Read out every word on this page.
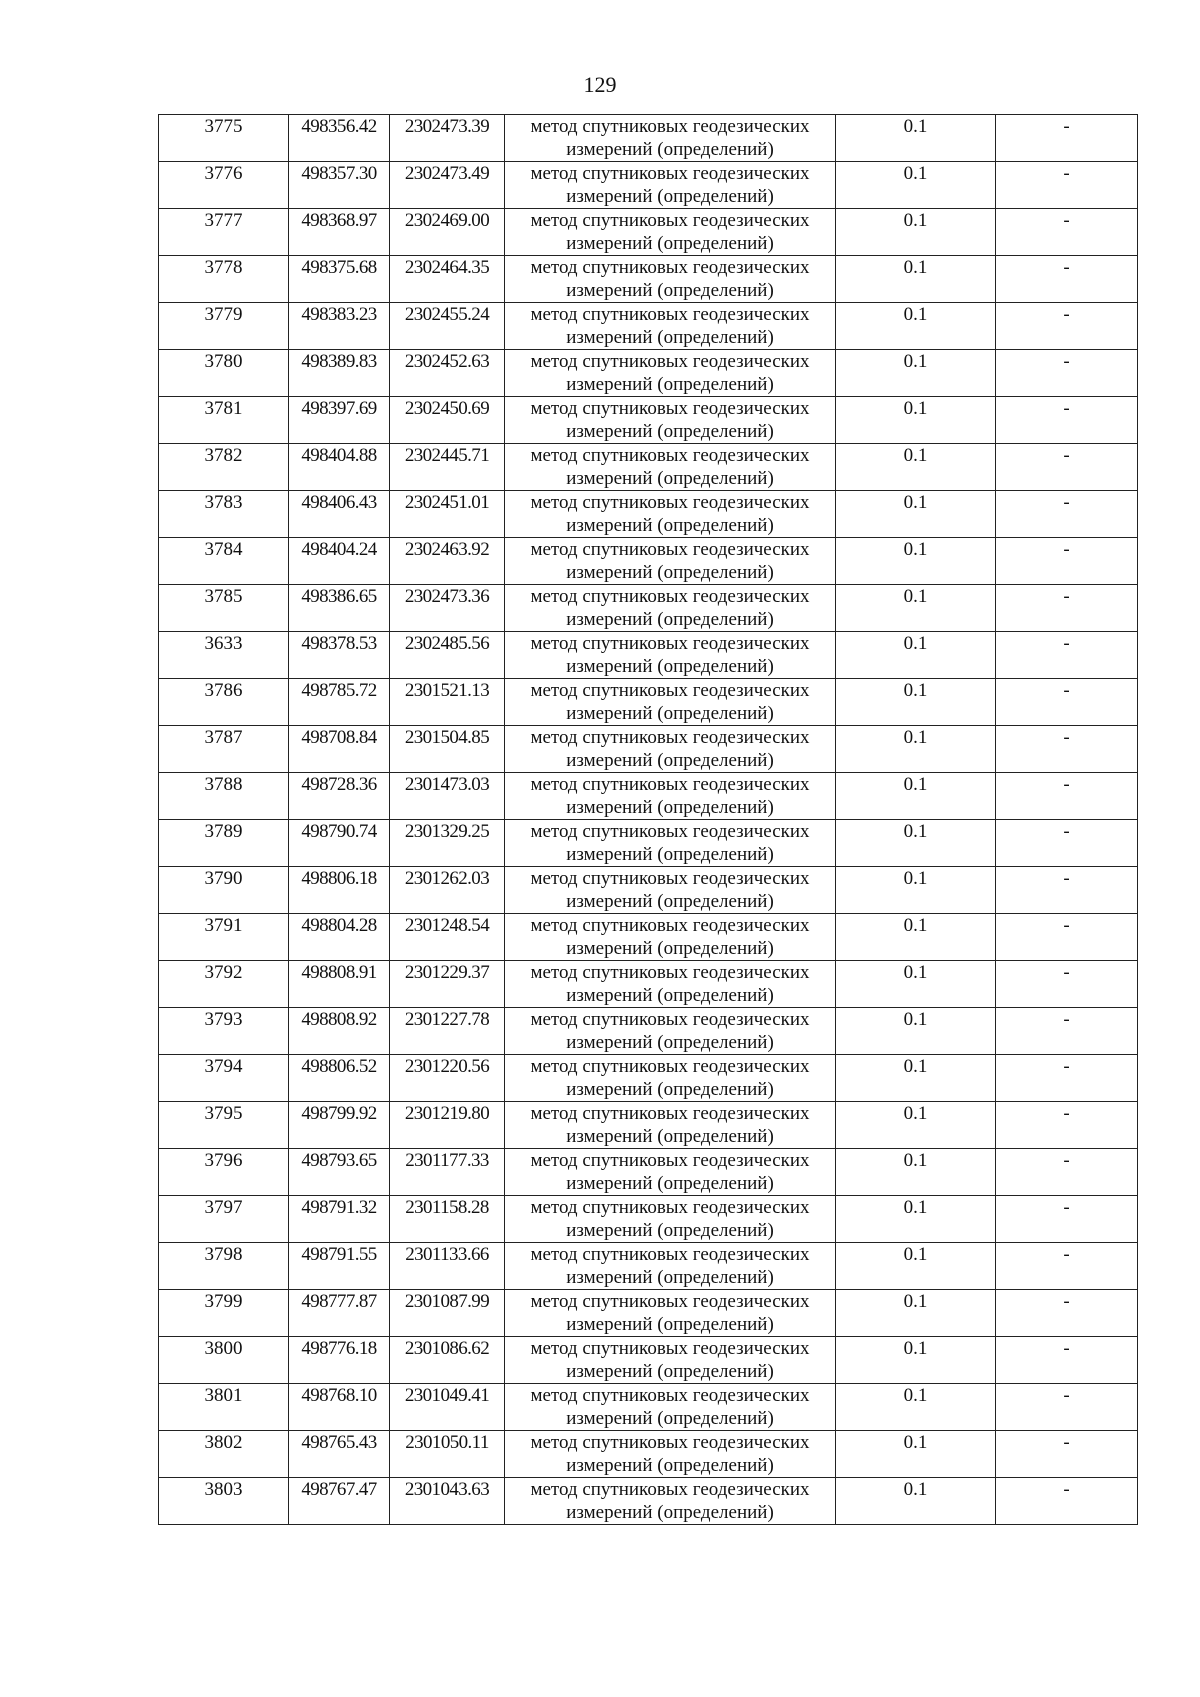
129
3775	498356.42	2302473.39	метод спутниковых геодезических
измерений (определений)	0.1	-
3776	498357.30	2302473.49	метод спутниковых геодезических
измерений (определений)	0.1	-
3777	498368.97	2302469.00	метод спутниковых геодезических
измерений (определений)	0.1	-
3778	498375.68	2302464.35	метод спутниковых геодезических
измерений (определений)	0.1	-
3779	498383.23	2302455.24	метод спутниковых геодезических
измерений (определений)	0.1	-
3780	498389.83	2302452.63	метод спутниковых геодезических
измерений (определений)	0.1	-
3781	498397.69	2302450.69	метод спутниковых геодезических
измерений (определений)	0.1	-
3782	498404.88	2302445.71	метод спутниковых геодезических
измерений (определений)	0.1	-
3783	498406.43	2302451.01	метод спутниковых геодезических
измерений (определений)	0.1	-
3784	498404.24	2302463.92	метод спутниковых геодезических
измерений (определений)	0.1	-
3785	498386.65	2302473.36	метод спутниковых геодезических
измерений (определений)	0.1	-
3633	498378.53	2302485.56	метод спутниковых геодезических
измерений (определений)	0.1	-
3786	498785.72	2301521.13	метод спутниковых геодезических
измерений (определений)	0.1	-
3787	498708.84	2301504.85	метод спутниковых геодезических
измерений (определений)	0.1	-
3788	498728.36	2301473.03	метод спутниковых геодезических
измерений (определений)	0.1	-
3789	498790.74	2301329.25	метод спутниковых геодезических
измерений (определений)	0.1	-
3790	498806.18	2301262.03	метод спутниковых геодезических
измерений (определений)	0.1	-
3791	498804.28	2301248.54	метод спутниковых геодезических
измерений (определений)	0.1	-
3792	498808.91	2301229.37	метод спутниковых геодезических
измерений (определений)	0.1	-
3793	498808.92	2301227.78	метод спутниковых геодезических
измерений (определений)	0.1	-
3794	498806.52	2301220.56	метод спутниковых геодезических
измерений (определений)	0.1	-
3795	498799.92	2301219.80	метод спутниковых геодезических
измерений (определений)	0.1	-
3796	498793.65	2301177.33	метод спутниковых геодезических
измерений (определений)	0.1	-
3797	498791.32	2301158.28	метод спутниковых геодезических
измерений (определений)	0.1	-
3798	498791.55	2301133.66	метод спутниковых геодезических
измерений (определений)	0.1	-
3799	498777.87	2301087.99	метод спутниковых геодезических
измерений (определений)	0.1	-
3800	498776.18	2301086.62	метод спутниковых геодезических
измерений (определений)	0.1	-
3801	498768.10	2301049.41	метод спутниковых геодезических
измерений (определений)	0.1	-
3802	498765.43	2301050.11	метод спутниковых геодезических
измерений (определений)	0.1	-
3803	498767.47	2301043.63	метод спутниковых геодезических
измерений (определений)	0.1	-
